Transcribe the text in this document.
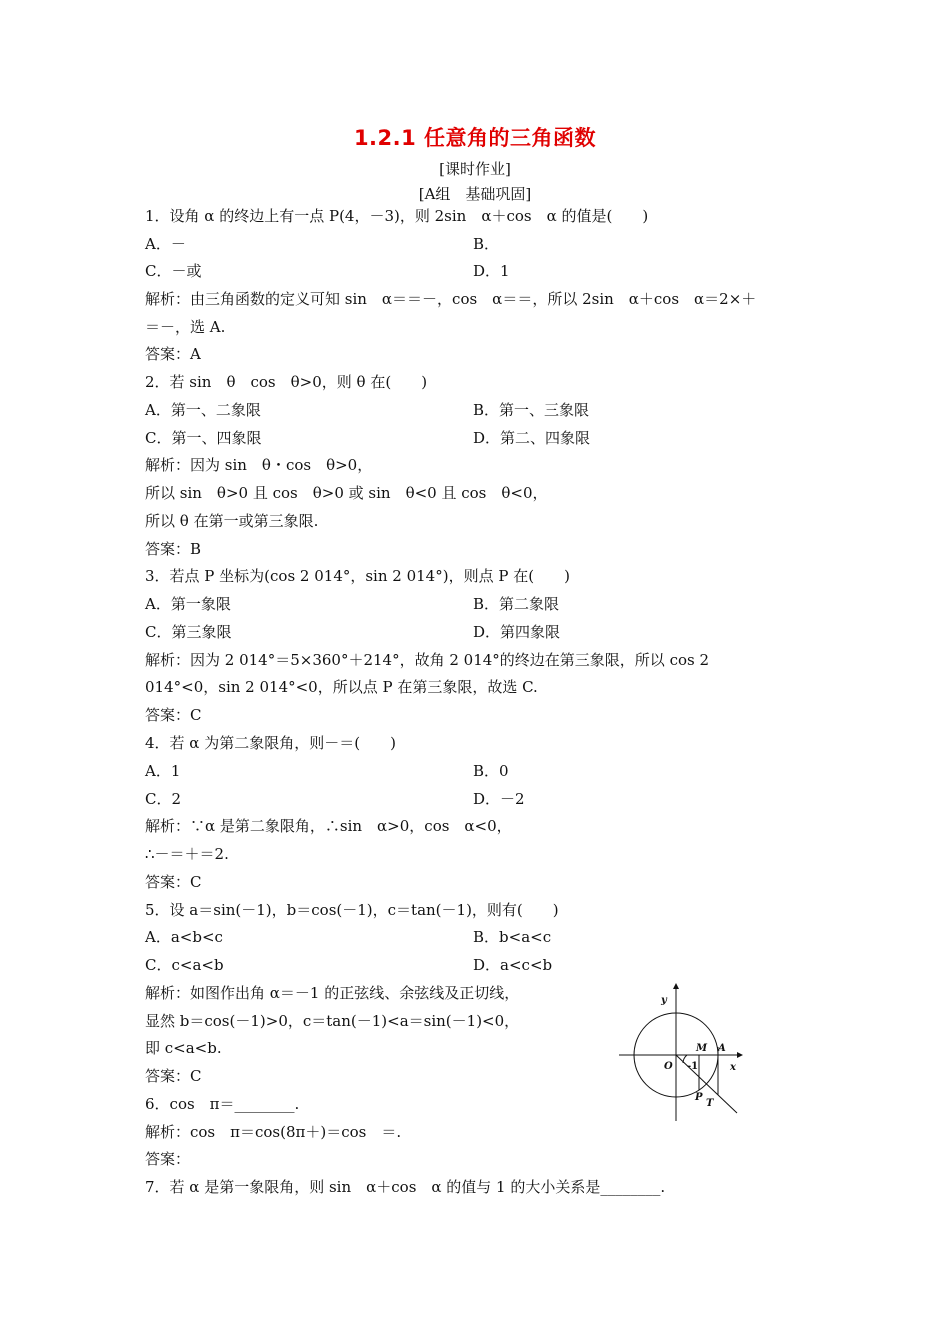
1.2.1 任意角的三角函数
[课时作业]
[A组　基础巩固]
1．设角 α 的终边上有一点 P(4，－3)，则 2sin　α＋cos　α 的值是(　　)
A．－	B．
C．－或	D．1
解析：由三角函数的定义可知 sin　α＝＝－，cos　α＝＝，所以 2sin　α＋cos　α＝2×＋
＝－，选 A.
答案：A
2．若 sin　θ　cos　θ>0，则 θ 在(　　)
A．第一、二象限	B．第一、三象限
C．第一、四象限	D．第二、四象限
解析：因为 sin　θ・cos　θ>0，
所以 sin　θ>0 且 cos　θ>0 或 sin　θ<0 且 cos　θ<0，
所以 θ 在第一或第三象限.
答案：B
3．若点 P 坐标为(cos 2 014°，sin 2 014°)，则点 P 在(　　)
A．第一象限	B．第二象限
C．第三象限	D．第四象限
解析：因为 2 014°＝5×360°＋214°，故角 2 014°的终边在第三象限，所以 cos 2
014°<0，sin 2 014°<0，所以点 P 在第三象限，故选 C.
答案：C
4．若 α 为第二象限角，则－＝(　　)
A．1	B．0
C．2	D．－2
解析：∵α 是第二象限角，∴sin　α>0，cos　α<0，
∴－＝＋＝2.
答案：C
5．设 a＝sin(－1)，b＝cos(－1)，c＝tan(－1)，则有(　　)
A．a<b<c	B．b<a<c
C．c<a<b	D．a<c<b
解析：如图作出角 α＝－1 的正弦线、余弦线及正切线，
显然 b＝cos(－1)>0，c＝tan(－1)<a＝sin(－1)<0，
即 c<a<b.
答案：C
6．cos　π＝________.
解析：cos　π＝cos(8π＋)＝cos　＝.
答案：
7．若 α 是第一象限角，则 sin　α＋cos　α 的值与 1 的大小关系是________.
y
x
O
M A
-1
P
T
